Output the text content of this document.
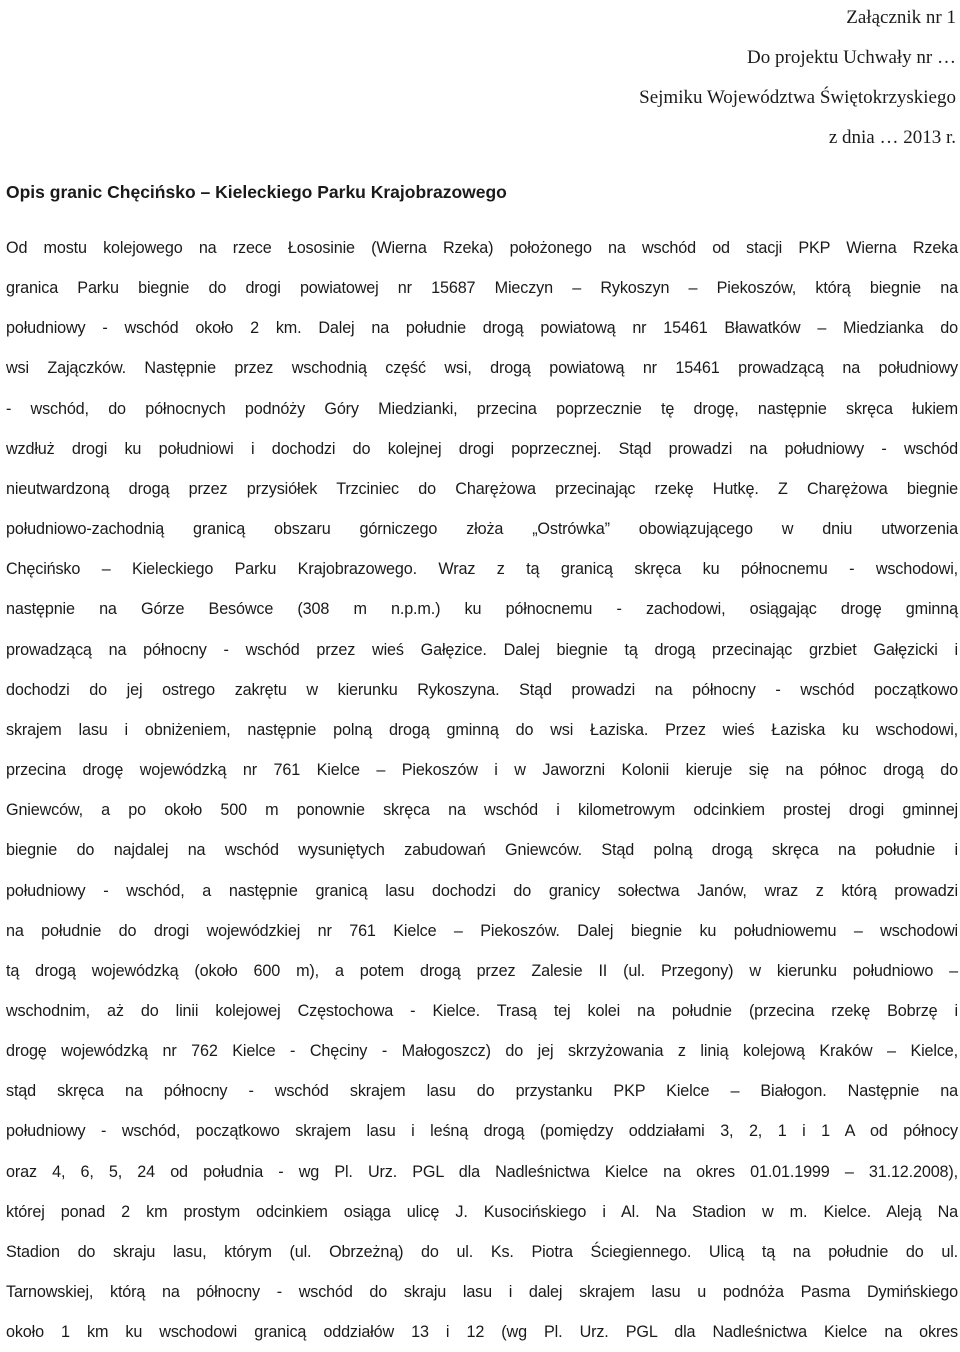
Załącznik nr 1
Do projektu Uchwały nr …
Sejmiku Województwa Świętokrzyskiego
z dnia … 2013 r.
Opis granic Chęcińsko – Kieleckiego Parku Krajobrazowego
Od mostu kolejowego na rzece Łososinie (Wierna Rzeka) położonego na wschód od stacji PKP Wierna Rzeka
granica Parku biegnie do drogi powiatowej nr 15687 Mieczyn – Rykoszyn – Piekoszów, którą biegnie na
południowy - wschód około 2 km. Dalej na południe drogą powiatową nr 15461 Bławatków – Miedzianka do
wsi Zajączków. Następnie przez wschodnią część wsi, drogą powiatową nr 15461 prowadzącą na południowy
- wschód, do północnych podnóży Góry Miedzianki, przecina poprzecznie tę drogę, następnie skręca łukiem
wzdłuż drogi ku południowi i dochodzi do kolejnej drogi poprzecznej. Stąd prowadzi na południowy - wschód
nieutwardzoną drogą przez przysiółek Trzciniec do Charężowa przecinając rzekę Hutkę. Z Charężowa biegnie
południowo-zachodnią granicą obszaru górniczego złoża „Ostrówka” obowiązującego w dniu utworzenia
Chęcińsko – Kieleckiego Parku Krajobrazowego. Wraz z tą granicą skręca ku północnemu - wschodowi,
następnie na Górze Besówce (308 m n.p.m.) ku północnemu - zachodowi, osiągając drogę gminną
prowadzącą na północny - wschód przez wieś Gałęzice. Dalej biegnie tą drogą przecinając grzbiet Gałęzicki i
dochodzi do jej ostrego zakrętu w kierunku Rykoszyna. Stąd prowadzi na północny - wschód początkowo
skrajem lasu i obniżeniem, następnie polną drogą gminną do wsi Łaziska. Przez wieś Łaziska ku wschodowi,
przecina drogę wojewódzką nr 761 Kielce – Piekoszów i w Jaworzni Kolonii kieruje się na północ drogą do
Gniewców, a po około 500 m ponownie skręca na wschód i kilometrowym odcinkiem prostej drogi gminnej
biegnie do najdalej na wschód wysuniętych zabudowań Gniewców. Stąd polną drogą skręca na południe i
południowy - wschód, a następnie granicą lasu dochodzi do granicy sołectwa Janów, wraz z którą prowadzi
na południe do drogi wojewódzkiej nr 761 Kielce – Piekoszów. Dalej biegnie ku południowemu – wschodowi
tą drogą wojewódzką (około 600 m), a potem drogą przez Zalesie II (ul. Przegony) w kierunku południowo –
wschodnim, aż do linii kolejowej Częstochowa - Kielce. Trasą tej kolei na południe (przecina rzekę Bobrzę i
drogę wojewódzką nr 762 Kielce - Chęciny - Małogoszcz) do jej skrzyżowania z linią kolejową Kraków – Kielce,
stąd skręca na północny - wschód skrajem lasu do przystanku PKP Kielce – Białogon. Następnie na
południowy - wschód, początkowo skrajem lasu i leśną drogą (pomiędzy oddziałami 3, 2, 1 i 1 A od północy
oraz 4, 6, 5, 24 od południa - wg Pl. Urz. PGL dla Nadleśnictwa Kielce na okres 01.01.1999 – 31.12.2008),
której ponad 2 km prostym odcinkiem osiąga ulicę J. Kusocińskiego i Al. Na Stadion w m. Kielce. Aleją Na
Stadion do skraju lasu, którym (ul. Obrzeżną) do ul. Ks. Piotra Ściegiennego. Ulicą tą na południe do ul.
Tarnowskiej, którą na północny - wschód do skraju lasu i dalej skrajem lasu u podnóża Pasma Dymińskiego
około 1 km ku wschodowi granicą oddziałów 13 i 12 (wg Pl. Urz. PGL dla Nadleśnictwa Kielce na okres
